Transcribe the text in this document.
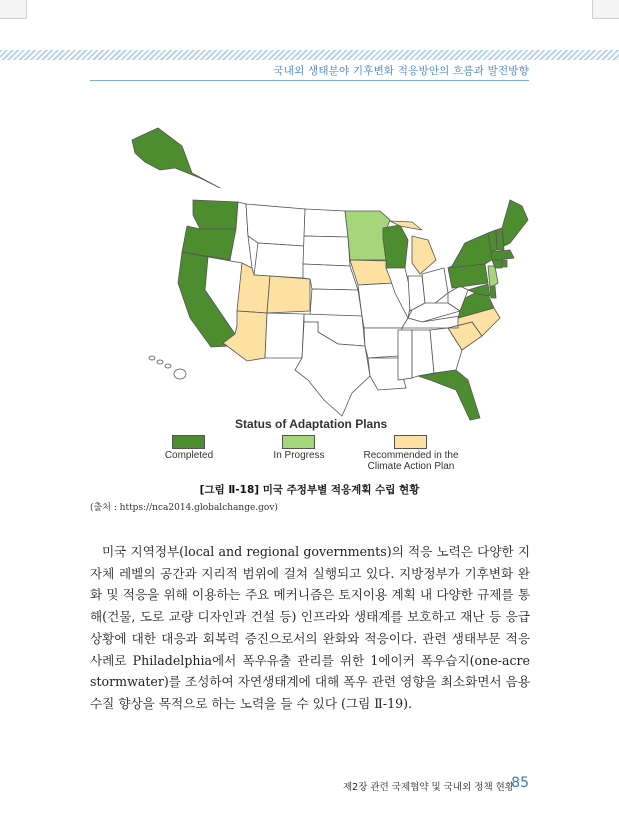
국내외 생태분야 기후변화 적응방안의 흐름과 발전방향
Status of Adaptation Plans
Completed	In Progress	Recommended in the Climate Action Plan
[그림 Ⅱ-18] 미국 주정부별 적응계획 수립 현황
(출처 : https://nca2014.globalchange.gov)
미국 지역정부(local and regional governments)의 적응 노력은 다양한 지자체 레벨의 공간과 지리적 범위에 걸쳐 실행되고 있다. 지방정부가 기후변화 완화 및 적응을 위해 이용하는 주요 메커니즘은 토지이용 계획 내 다양한 규제를 통해(건물, 도로 교량 디자인과 건설 등) 인프라와 생태계를 보호하고 재난 등 응급상황에 대한 대응과 회복력 증진으로서의 완화와 적응이다. 관련 생태부문 적응 사례로 Philadelphia에서 폭우유출 관리를 위한 1에이커 폭우습지(one-acre stormwater)를 조성하여 자연생태계에 대해 폭우 관련 영향을 최소화면서 음용수질 향상을 목적으로 하는 노력을 들 수 있다 (그림 Ⅱ-19).
제2장 관련 국제협약 및 국내외 정책 현황
85
